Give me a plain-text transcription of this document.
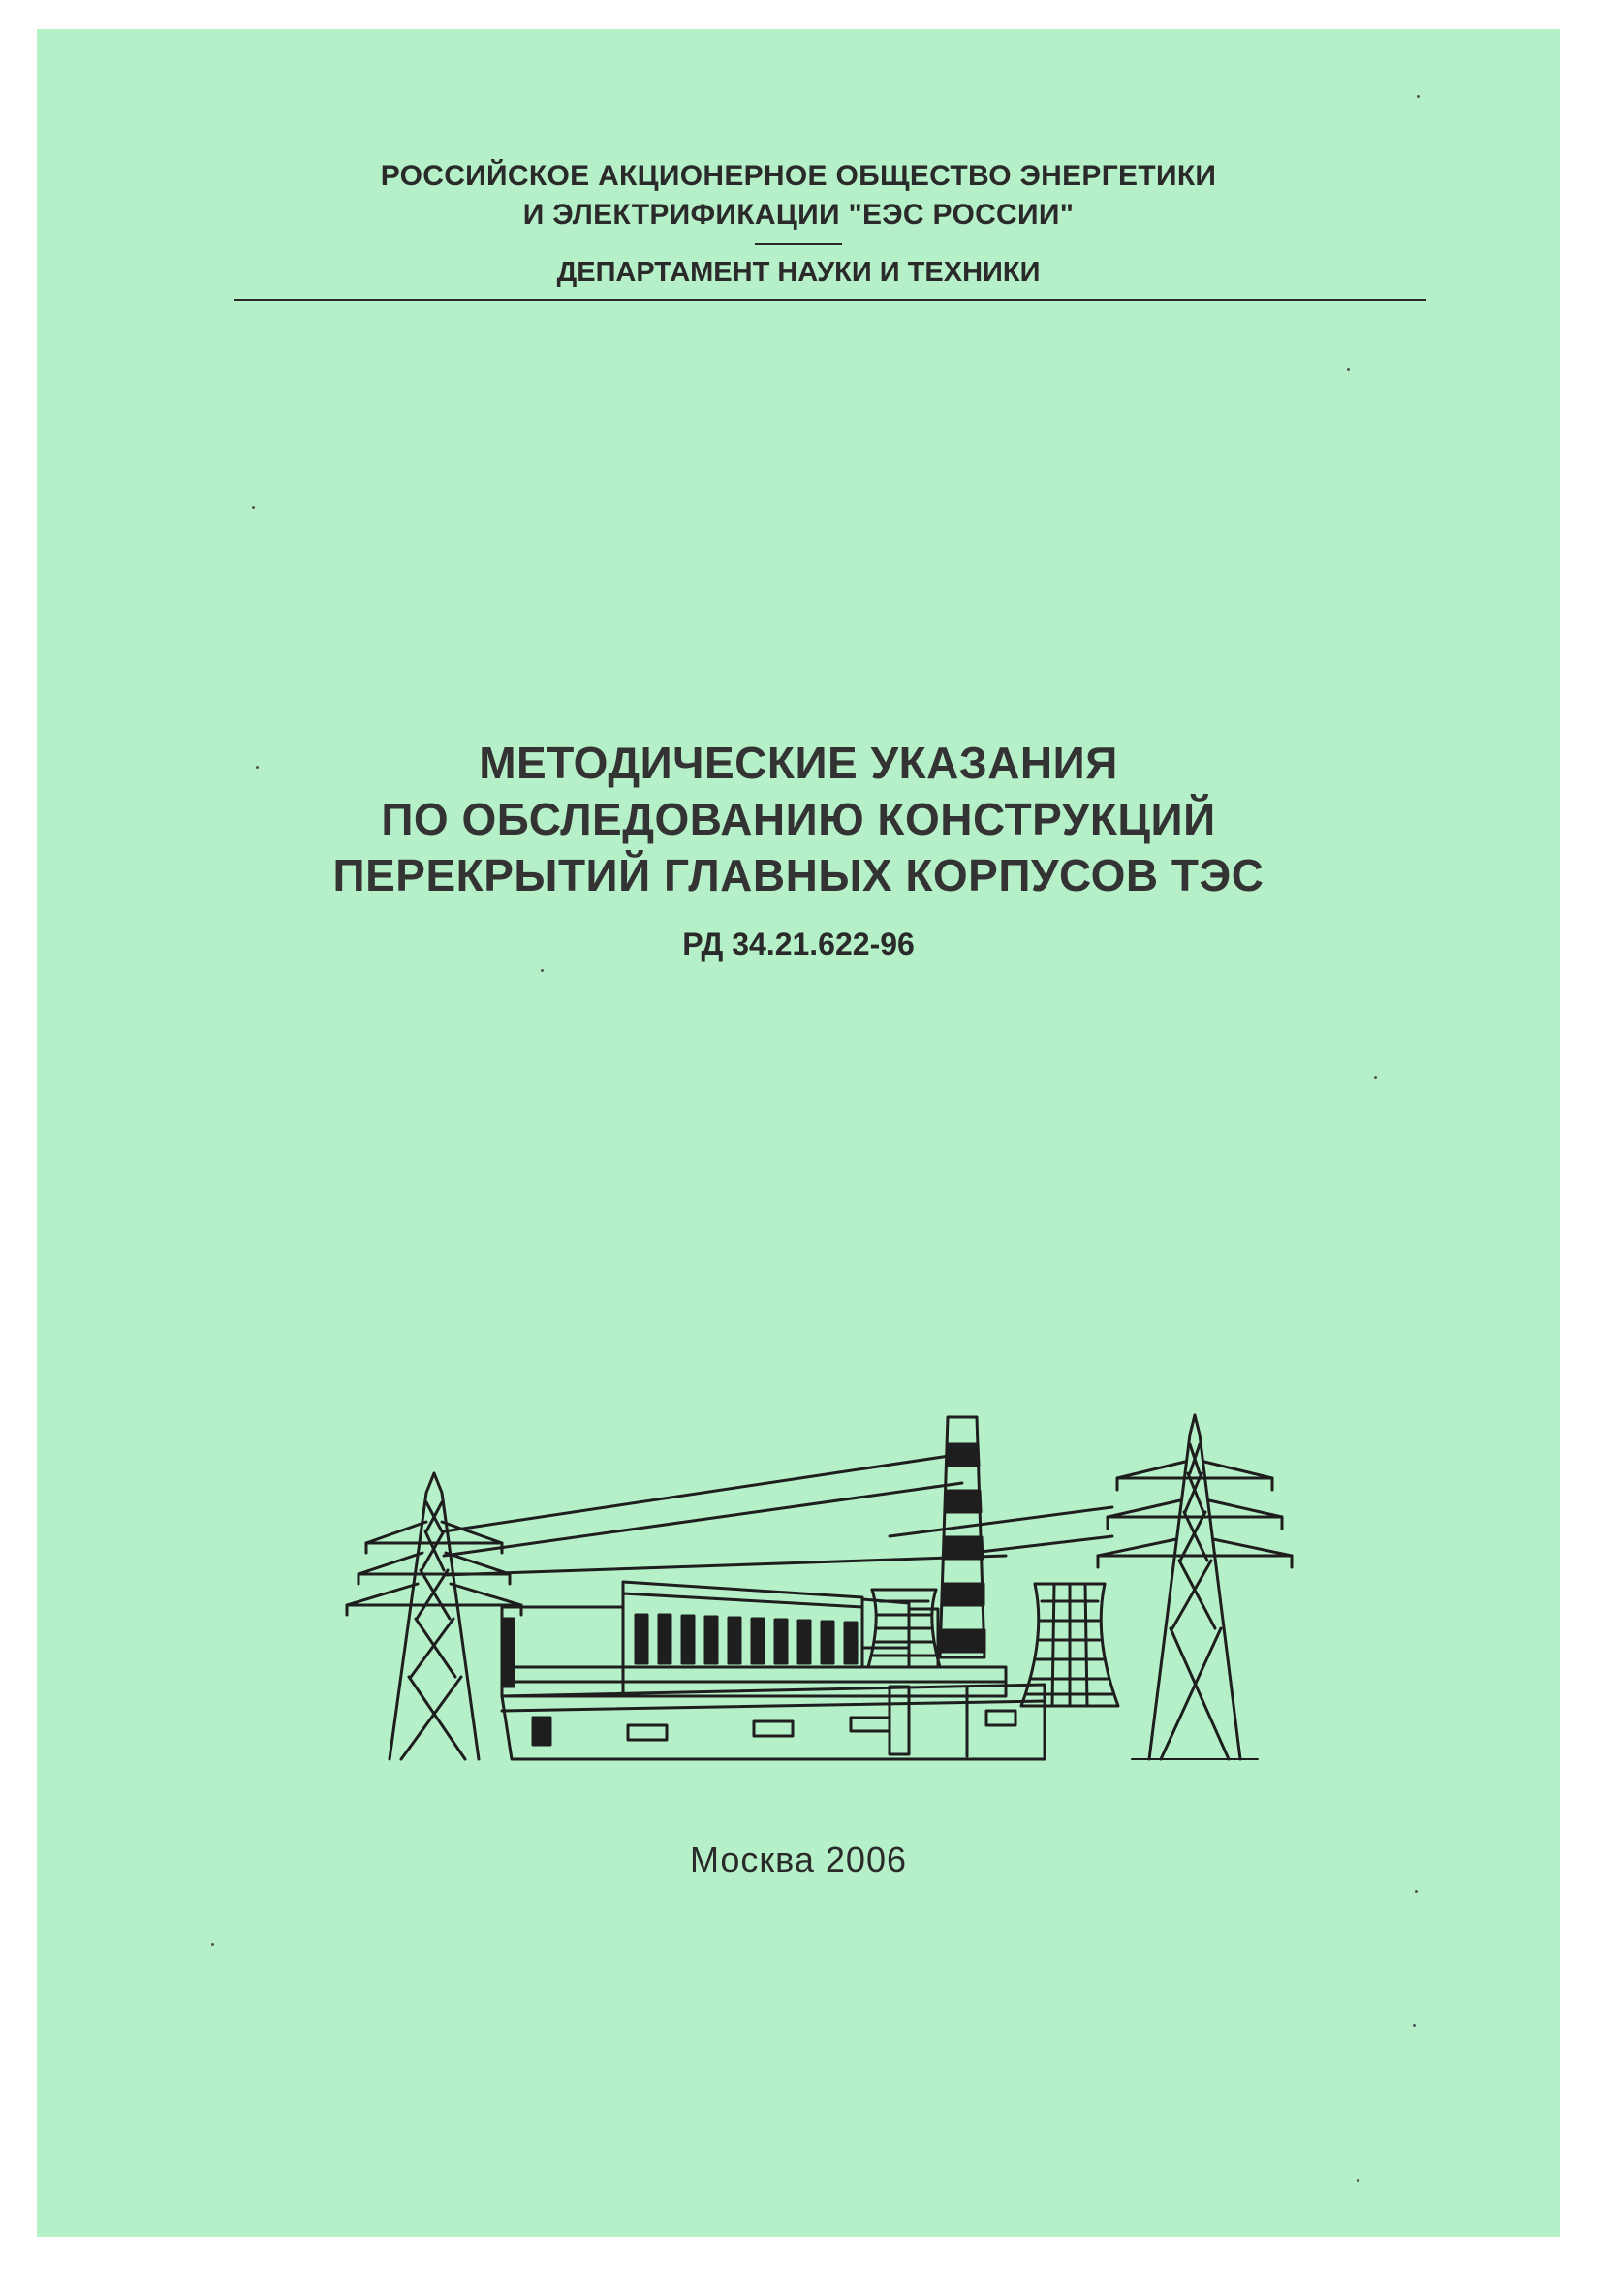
РОССИЙСКОЕ АКЦИОНЕРНОЕ ОБЩЕСТВО ЭНЕРГЕТИКИ
И ЭЛЕКТРИФИКАЦИИ "ЕЭС РОССИИ"
ДЕПАРТАМЕНТ НАУКИ И ТЕХНИКИ
МЕТОДИЧЕСКИЕ УКАЗАНИЯ
ПО ОБСЛЕДОВАНИЮ КОНСТРУКЦИЙ
ПЕРЕКРЫТИЙ ГЛАВНЫХ КОРПУСОВ ТЭС
РД 34.21.622-96
Москва 2006
